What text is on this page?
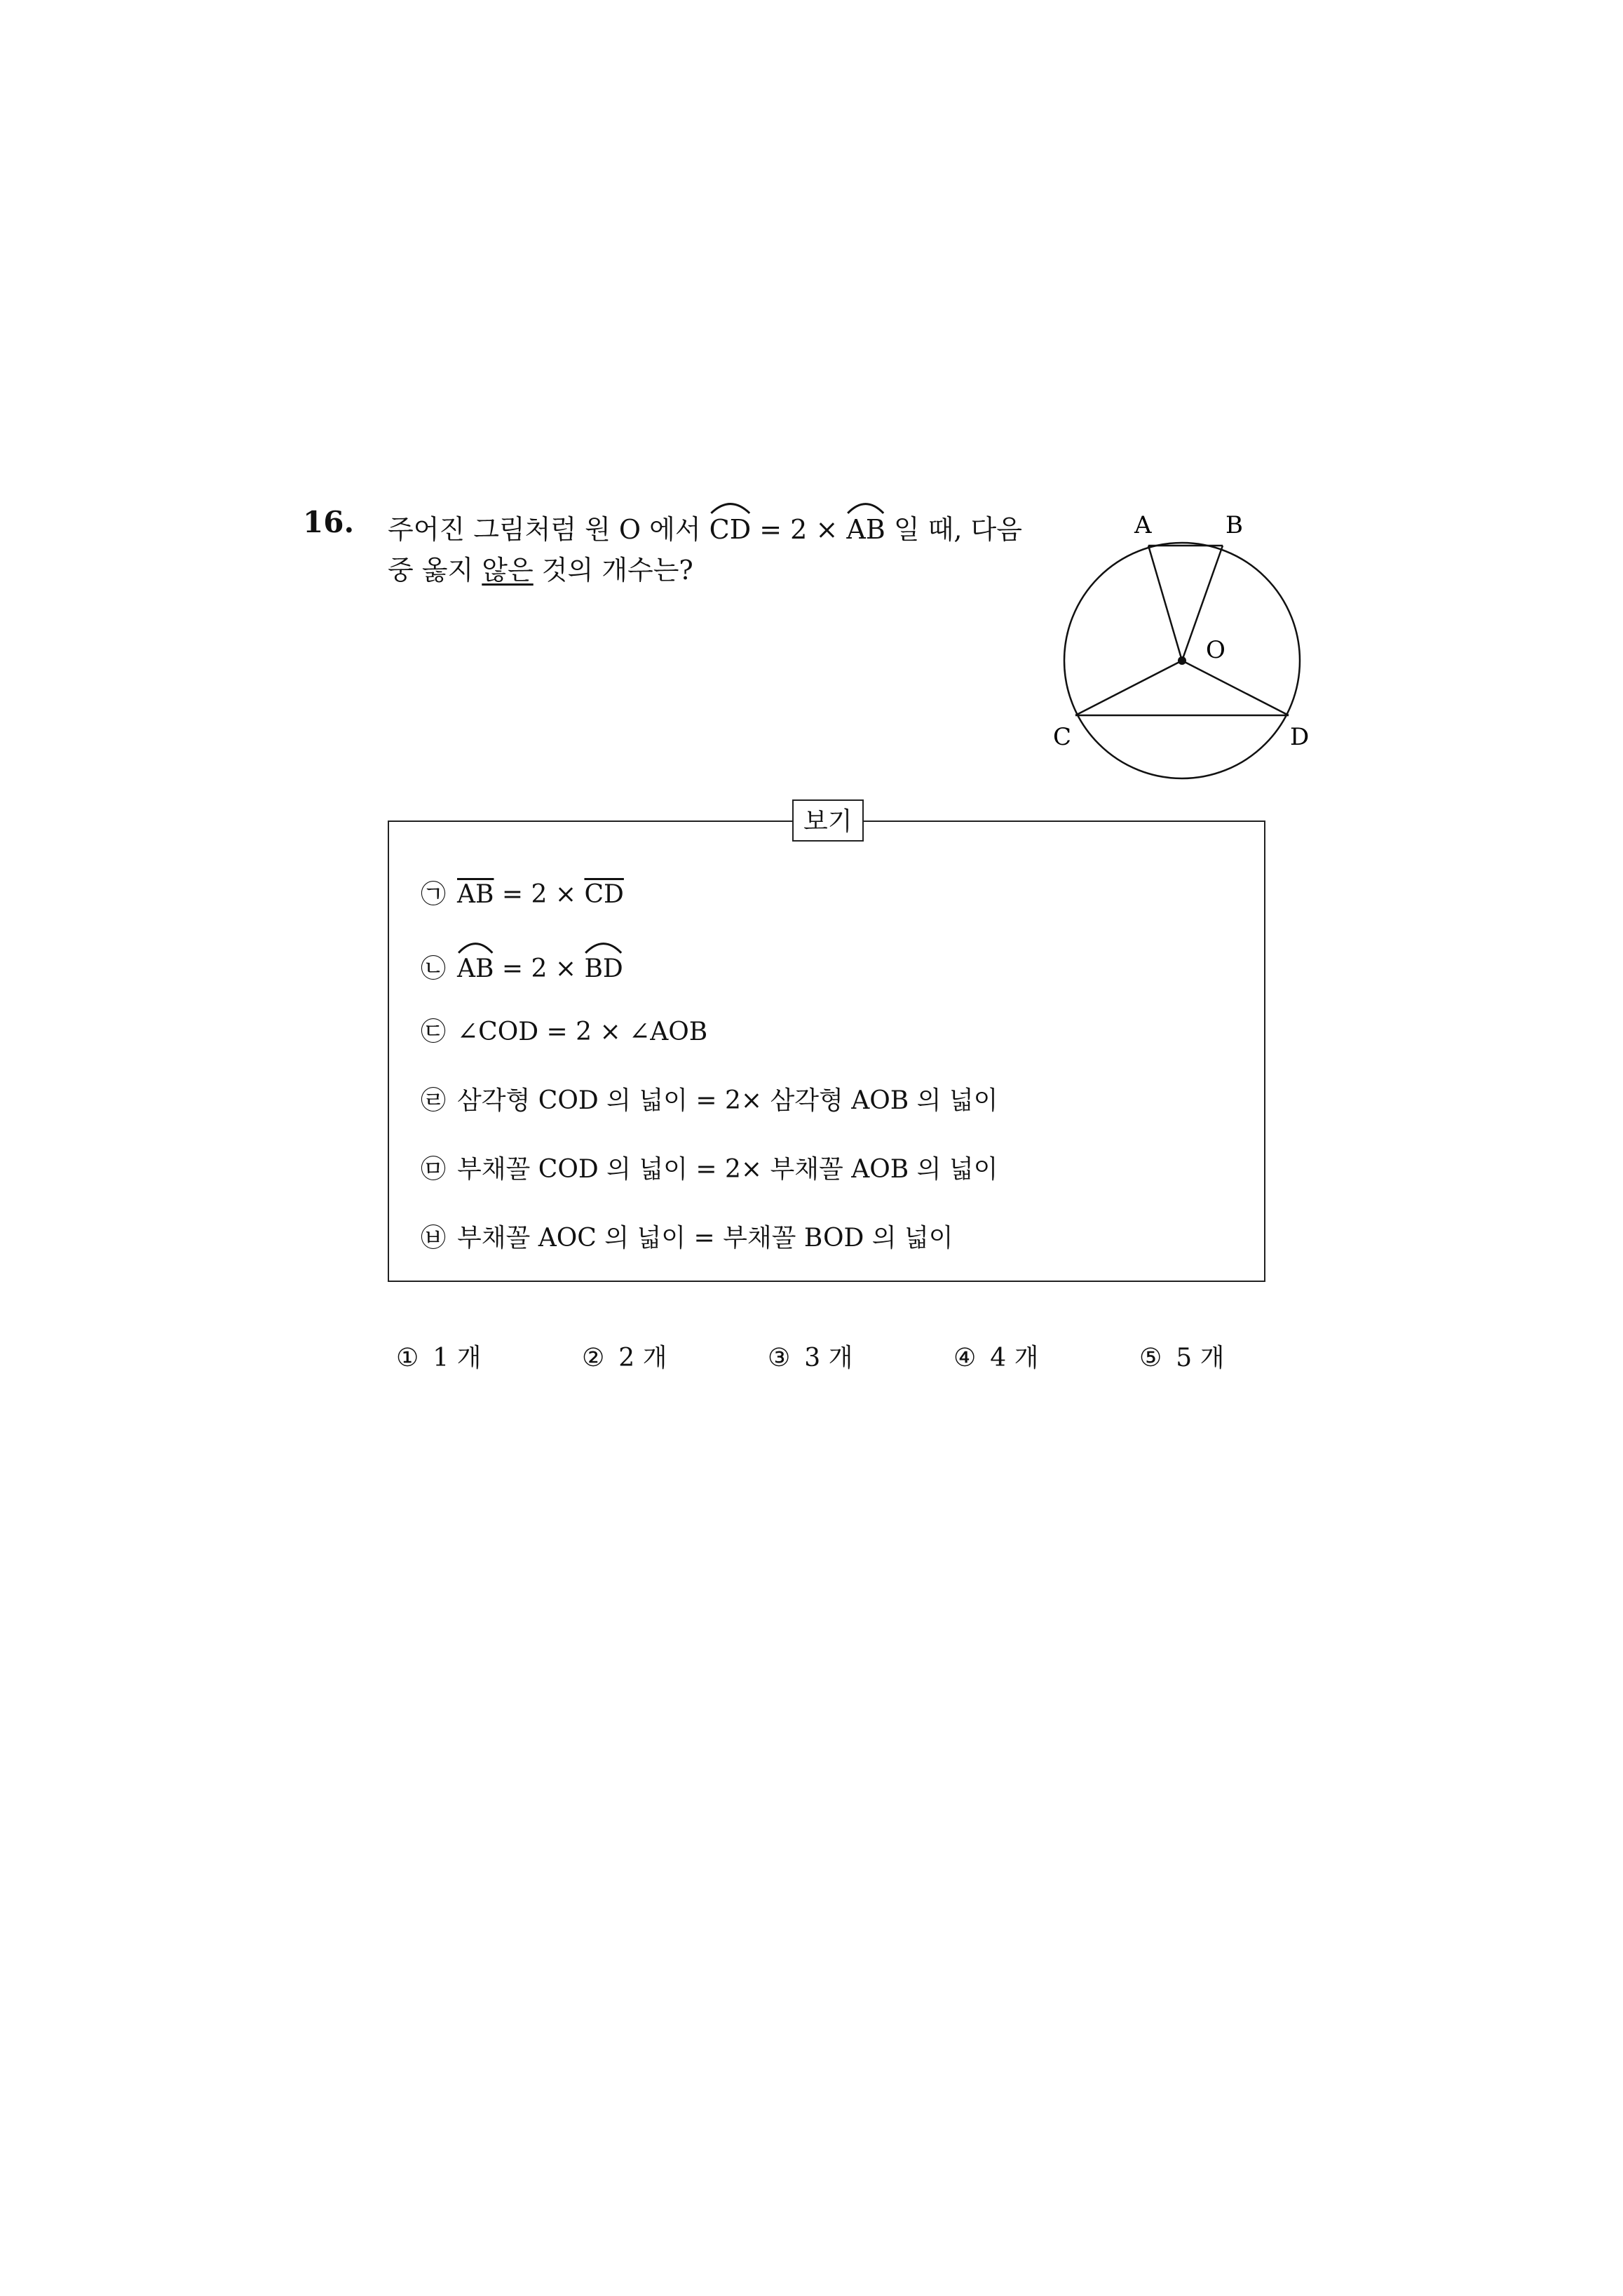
16. 주어진 그림처럼 원 O 에서
CD = 2 ×
AB 일 때, 다음
중 옳지 않은 것의 개수는?
A	B
O
C	D
보기
㉠ $\overline{AB} = 2 \times \overline{CD}$
㉡ AB = 2 ×
BD
㉢ ∠COD = 2 × ∠AOB
㉣ 삼각형 COD 의 넓이 = 2× 삼각형 AOB 의 넓이
㉤ 부채꼴 COD 의 넓이 = 2× 부채꼴 AOB 의 넓이
㉥ 부채꼴 AOC 의 넓이 = 부채꼴 BOD 의 넓이
① 1 개	② 2 개	③ 3 개	④ 4 개	⑤ 5 개
